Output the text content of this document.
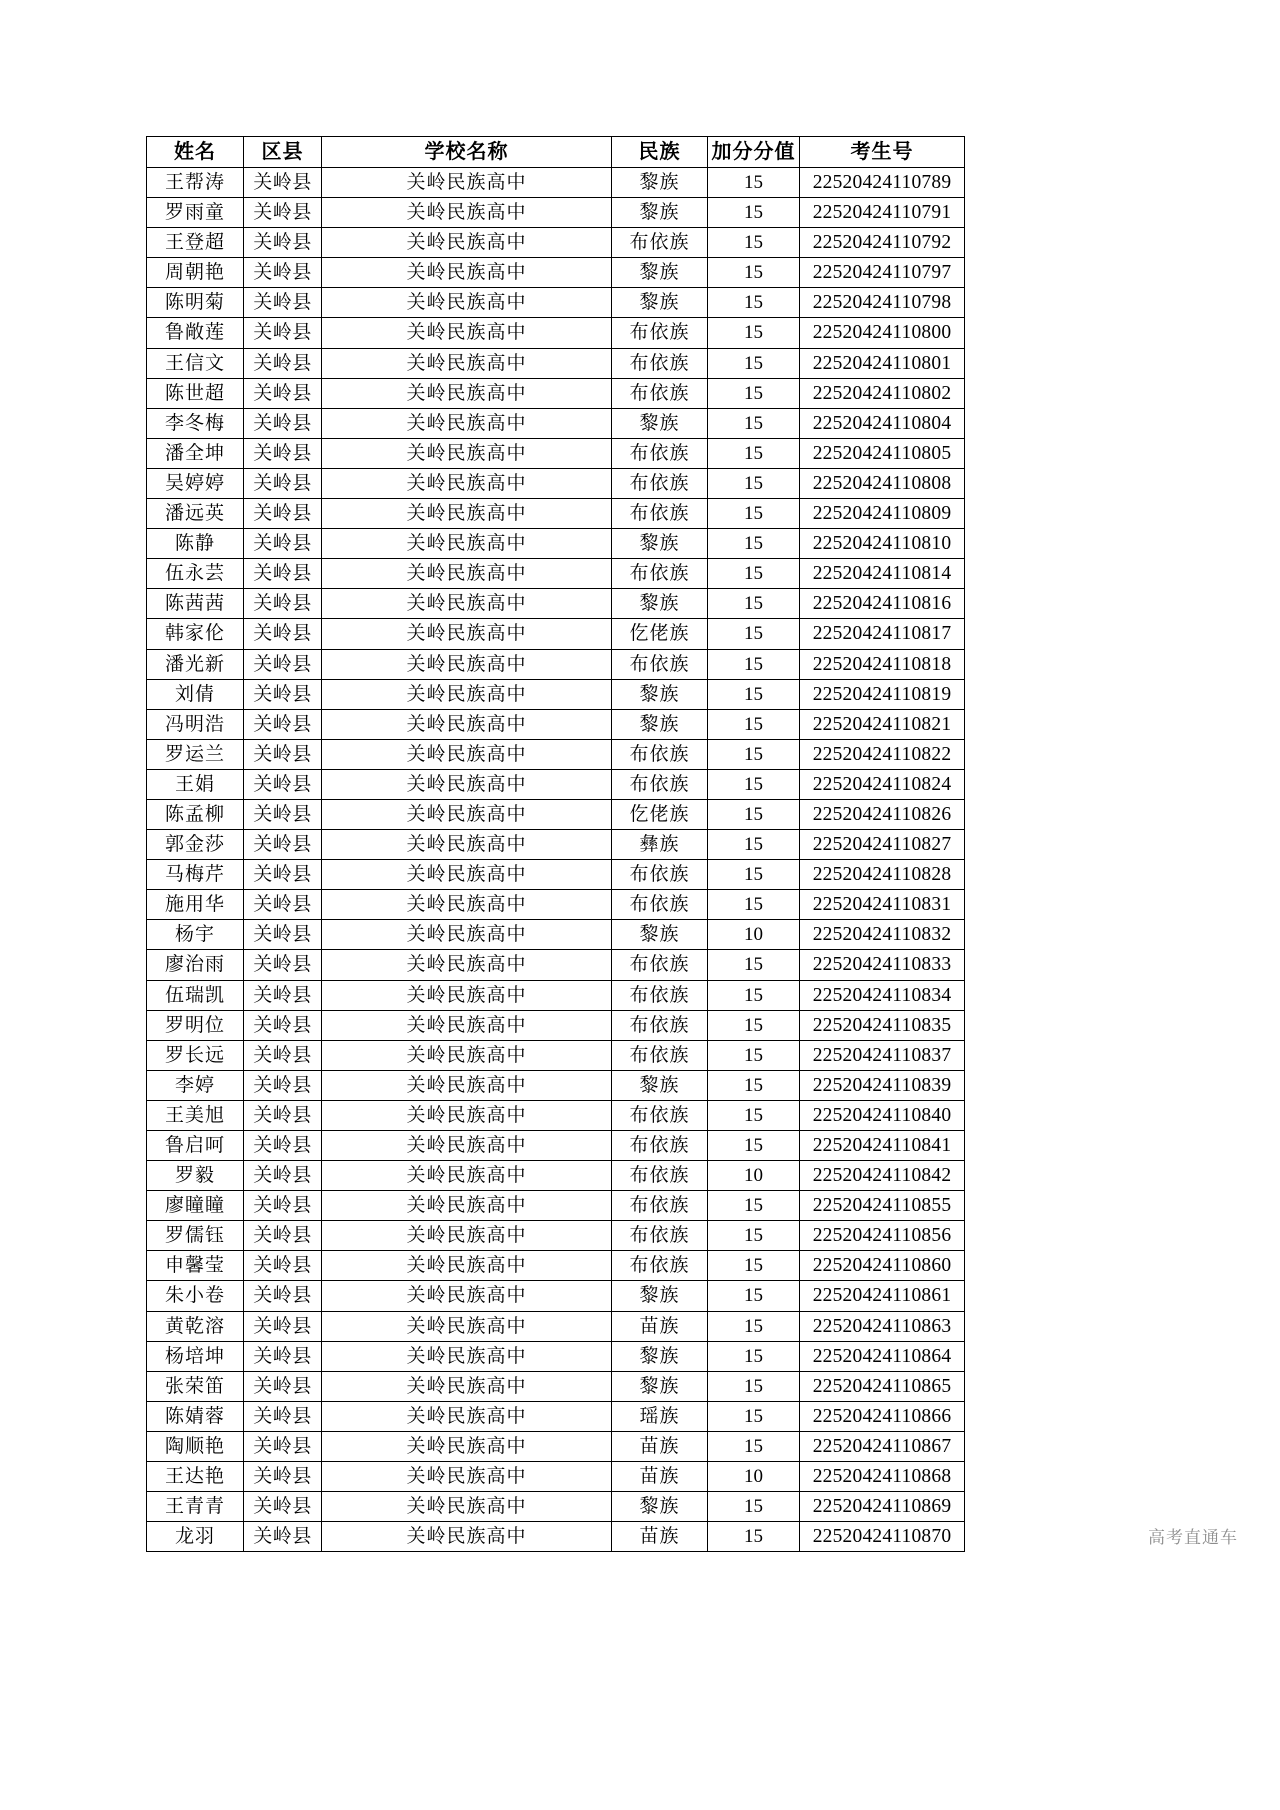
姓名	区县	学校名称	民族	加分分值	考生号
王帮涛	关岭县	关岭民族高中	黎族	15	22520424110789
罗雨童	关岭县	关岭民族高中	黎族	15	22520424110791
王登超	关岭县	关岭民族高中	布依族	15	22520424110792
周朝艳	关岭县	关岭民族高中	黎族	15	22520424110797
陈明菊	关岭县	关岭民族高中	黎族	15	22520424110798
鲁敞莲	关岭县	关岭民族高中	布依族	15	22520424110800
王信文	关岭县	关岭民族高中	布依族	15	22520424110801
陈世超	关岭县	关岭民族高中	布依族	15	22520424110802
李冬梅	关岭县	关岭民族高中	黎族	15	22520424110804
潘全坤	关岭县	关岭民族高中	布依族	15	22520424110805
吴婷婷	关岭县	关岭民族高中	布依族	15	22520424110808
潘远英	关岭县	关岭民族高中	布依族	15	22520424110809
陈静	关岭县	关岭民族高中	黎族	15	22520424110810
伍永芸	关岭县	关岭民族高中	布依族	15	22520424110814
陈茜茜	关岭县	关岭民族高中	黎族	15	22520424110816
韩家伦	关岭县	关岭民族高中	仡佬族	15	22520424110817
潘光新	关岭县	关岭民族高中	布依族	15	22520424110818
刘倩	关岭县	关岭民族高中	黎族	15	22520424110819
冯明浩	关岭县	关岭民族高中	黎族	15	22520424110821
罗运兰	关岭县	关岭民族高中	布依族	15	22520424110822
王娟	关岭县	关岭民族高中	布依族	15	22520424110824
陈孟柳	关岭县	关岭民族高中	仡佬族	15	22520424110826
郭金莎	关岭县	关岭民族高中	彝族	15	22520424110827
马梅芹	关岭县	关岭民族高中	布依族	15	22520424110828
施用华	关岭县	关岭民族高中	布依族	15	22520424110831
杨宇	关岭县	关岭民族高中	黎族	10	22520424110832
廖治雨	关岭县	关岭民族高中	布依族	15	22520424110833
伍瑞凯	关岭县	关岭民族高中	布依族	15	22520424110834
罗明位	关岭县	关岭民族高中	布依族	15	22520424110835
罗长远	关岭县	关岭民族高中	布依族	15	22520424110837
李婷	关岭县	关岭民族高中	黎族	15	22520424110839
王美旭	关岭县	关岭民族高中	布依族	15	22520424110840
鲁启呵	关岭县	关岭民族高中	布依族	15	22520424110841
罗毅	关岭县	关岭民族高中	布依族	10	22520424110842
廖瞳瞳	关岭县	关岭民族高中	布依族	15	22520424110855
罗儒钰	关岭县	关岭民族高中	布依族	15	22520424110856
申馨莹	关岭县	关岭民族高中	布依族	15	22520424110860
朱小卷	关岭县	关岭民族高中	黎族	15	22520424110861
黄乾溶	关岭县	关岭民族高中	苗族	15	22520424110863
杨培坤	关岭县	关岭民族高中	黎族	15	22520424110864
张荣笛	关岭县	关岭民族高中	黎族	15	22520424110865
陈婧蓉	关岭县	关岭民族高中	瑶族	15	22520424110866
陶顺艳	关岭县	关岭民族高中	苗族	15	22520424110867
王达艳	关岭县	关岭民族高中	苗族	10	22520424110868
王青青	关岭县	关岭民族高中	黎族	15	22520424110869
龙羽	关岭县	关岭民族高中	苗族	15	22520424110870	高考直通车
